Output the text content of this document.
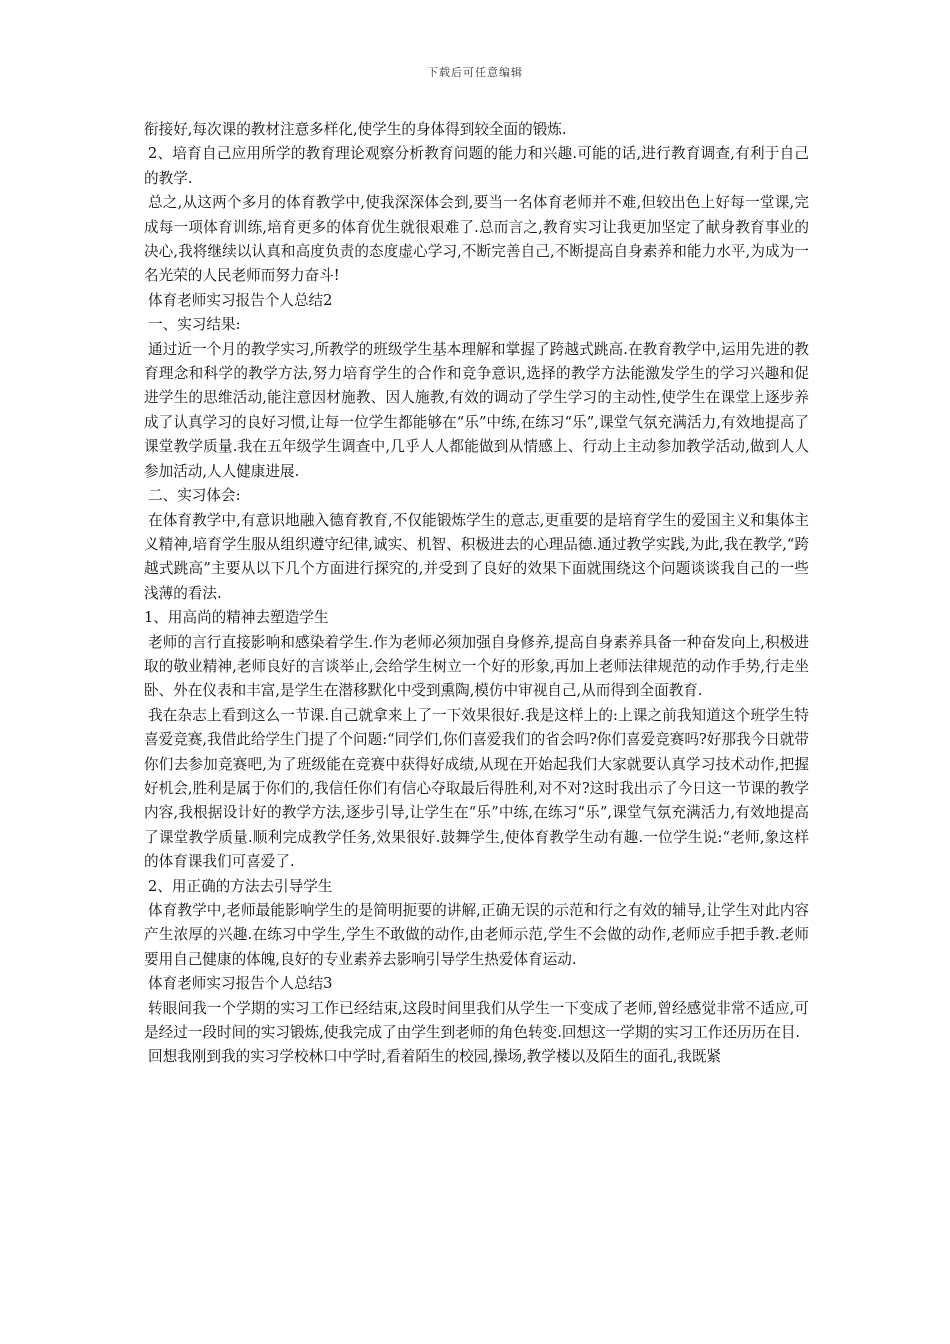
下载后可任意编辑

衔接好,每次课的教材注意多样化,使学生的身体得到较全面的锻炼.

2、培育自己应用所学的教育理论观察分析教育问题的能力和兴趣.可能的话,进行教育调查,有利于自己的教学.

总之,从这两个多月的体育教学中,使我深深体会到,要当一名体育老师并不难,但较出色上好每一堂课,完成每一项体育训练,培育更多的体育优生就很艰难了.总而言之,教育实习让我更加坚定了献身教育事业的决心,我将继续以认真和高度负责的态度虚心学习,不断完善自己,不断提高自身素养和能力水平,为成为一名光荣的人民老师而努力奋斗!

体育老师实习报告个人总结2

一、实习结果:

通过近一个月的教学实习,所教学的班级学生基本理解和掌握了跨越式跳高.在教育教学中,运用先进的教育理念和科学的教学方法,努力培育学生的合作和竞争意识,选择的教学方法能激发学生的学习兴趣和促进学生的思维活动,能注意因材施教、因人施教,有效的调动了学生学习的主动性,使学生在课堂上逐步养成了认真学习的良好习惯,让每一位学生都能够在“乐”中练,在练习“乐”,课堂气氛充满活力,有效地提高了课堂教学质量.我在五年级学生调查中,几乎人人都能做到从情感上、行动上主动参加教学活动,做到人人参加活动,人人健康进展.

二、实习体会:

在体育教学中,有意识地融入德育教育,不仅能锻炼学生的意志,更重要的是培育学生的爱国主义和集体主义精神,培育学生服从组织遵守纪律,诚实、机智、积极进去的心理品德.通过教学实践,为此,我在教学,“跨越式跳高”主要从以下几个方面进行探究的,并受到了良好的效果下面就围绕这个问题谈谈我自己的一些浅薄的看法.

1、用高尚的精神去塑造学生

老师的言行直接影响和感染着学生.作为老师必须加强自身修养,提高自身素养具备一种奋发向上,积极进取的敬业精神,老师良好的言谈举止,会给学生树立一个好的形象,再加上老师法律规范的动作手势,行走坐卧、外在仪表和丰富,是学生在潜移默化中受到熏陶,模仿中审视自己,从而得到全面教育.

我在杂志上看到这么一节课.自己就拿来上了一下效果很好.我是这样上的:上课之前我知道这个班学生特喜爱竞赛,我借此给学生门提了个问题:“同学们,你们喜爱我们的省会吗?你们喜爱竞赛吗?好那我今日就带你们去参加竞赛吧,为了班级能在竞赛中获得好成绩,从现在开始起我们大家就要认真学习技术动作,把握好机会,胜利是属于你们的,我信任你们有信心夺取最后得胜利,对不对?这时我出示了今日这一节课的教学内容,我根据设计好的教学方法,逐步引导,让学生在“乐”中练,在练习“乐”,课堂气氛充满活力,有效地提高了课堂教学质量.顺利完成教学任务,效果很好.鼓舞学生,使体育教学生动有趣.一位学生说:“老师,象这样的体育课我们可喜爱了.

2、用正确的方法去引导学生

体育教学中,老师最能影响学生的是简明扼要的讲解,正确无误的示范和行之有效的辅导,让学生对此内容产生浓厚的兴趣.在练习中学生,学生不敢做的动作,由老师示范,学生不会做的动作,老师应手把手教.老师要用自己健康的体魄,良好的专业素养去影响引导学生热爱体育运动.

体育老师实习报告个人总结3

转眼间我一个学期的实习工作已经结束,这段时间里我们从学生一下变成了老师,曾经感觉非常不适应,可是经过一段时间的实习锻炼,使我完成了由学生到老师的角色转变.回想这一学期的实习工作还历历在目.

回想我刚到我的实习学校林口中学时,看着陌生的校园,操场,教学楼以及陌生的面孔,我既紧
